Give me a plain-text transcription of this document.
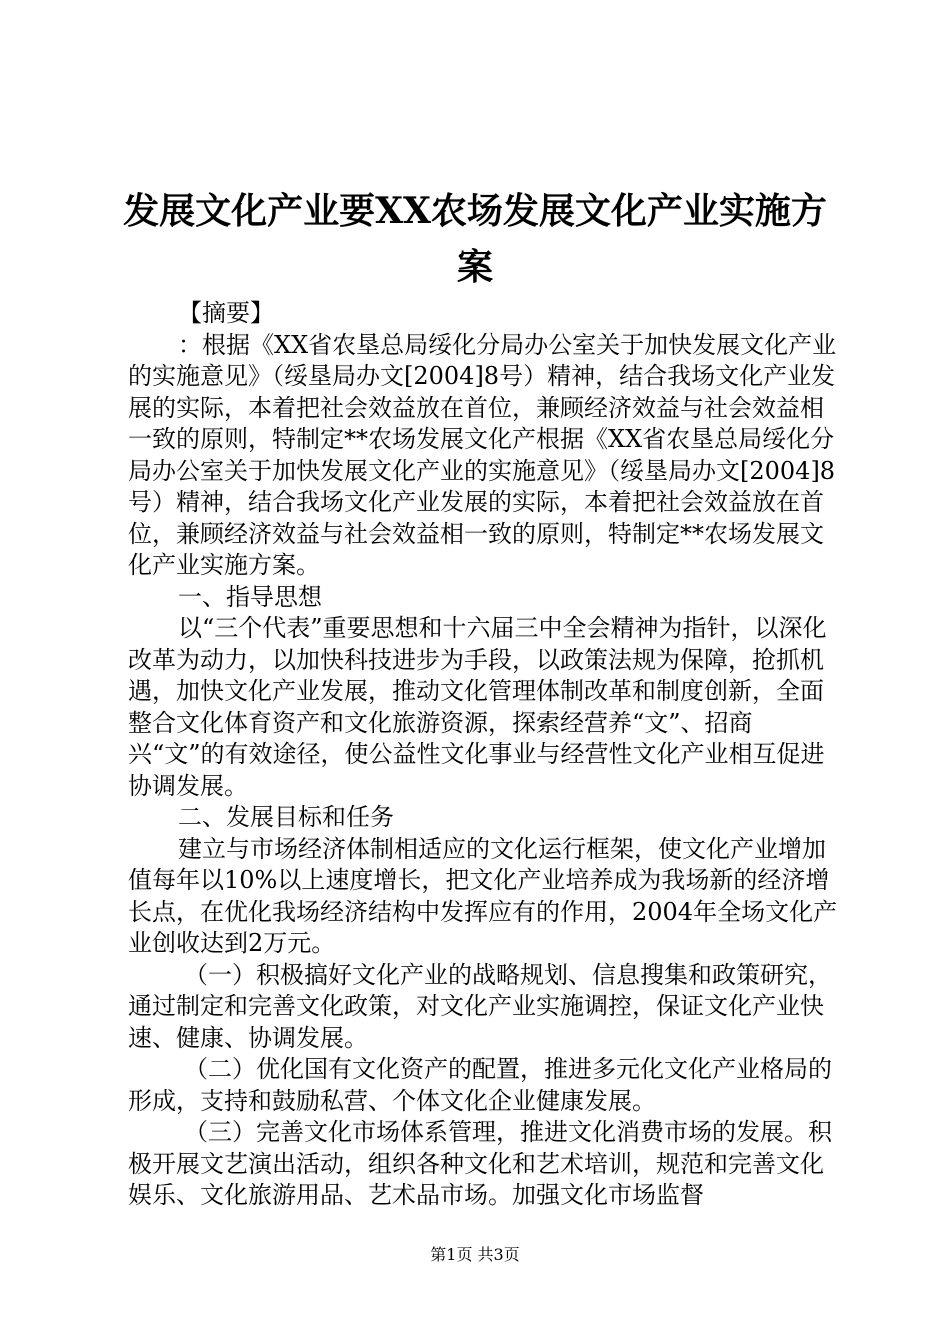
发展文化产业要XX农场发展文化产业实施方
案

【摘要】

：根据《XX省农垦总局绥化分局办公室关于加快发展文化产业的实施意见》（绥垦局办文[2004]8号）精神，结合我场文化产业发展的实际，本着把社会效益放在首位，兼顾经济效益与社会效益相一致的原则，特制定**农场发展文化产根据《XX省农垦总局绥化分局办公室关于加快发展文化产业的实施意见》（绥垦局办文[2004]8号）精神，结合我场文化产业发展的实际，本着把社会效益放在首位，兼顾经济效益与社会效益相一致的原则，特制定**农场发展文化产业实施方案。

一、指导思想

以“三个代表”重要思想和十六届三中全会精神为指针，以深化改革为动力，以加快科技进步为手段，以政策法规为保障，抢抓机遇，加快文化产业发展，推动文化管理体制改革和制度创新，全面整合文化体育资产和文化旅游资源，探索经营养“文”、招商兴“文”的有效途径，使公益性文化事业与经营性文化产业相互促进协调发展。

二、发展目标和任务

建立与市场经济体制相适应的文化运行框架，使文化产业增加值每年以10%以上速度增长，把文化产业培养成为我场新的经济增长点，在优化我场经济结构中发挥应有的作用，2004年全场文化产业创收达到2万元。

（一）积极搞好文化产业的战略规划、信息搜集和政策研究，通过制定和完善文化政策，对文化产业实施调控，保证文化产业快速、健康、协调发展。

（二）优化国有文化资产的配置，推进多元化文化产业格局的形成，支持和鼓励私营、个体文化企业健康发展。

（三）完善文化市场体系管理，推进文化消费市场的发展。积极开展文艺演出活动，组织各种文化和艺术培训，规范和完善文化娱乐、文化旅游用品、艺术品市场。加强文化市场监督

第1页 共3页
